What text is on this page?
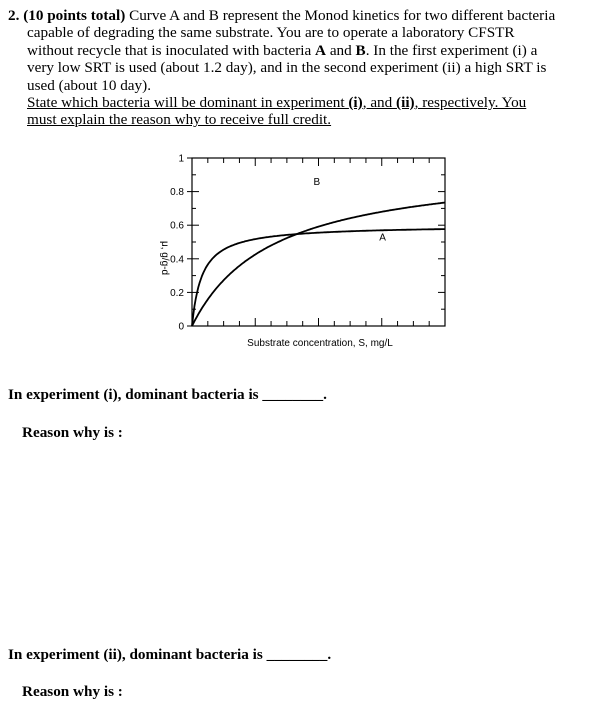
2. (10 points total) Curve A and B represent the Monod kinetics for two different bacteria

capable of degrading the same substrate. You are to operate a laboratory CFSTR
without recycle that is inoculated with bacteria A and B. In the first experiment (i) a
very low SRT is used (about 1.2 day), and in the second experiment (ii) a high SRT is
used (about 10 day).
State which bacteria will be dominant in experiment (i), and (ii), respectively. You
must explain the reason why to receive full credit.
0
0.2
0.4
0.6
0.8
1
B
A
μ, g/g-d
Substrate concentration, S, mg/L
In experiment (i), dominant bacteria is ________.
Reason why is :
In experiment (ii), dominant bacteria is ________.
Reason why is :
